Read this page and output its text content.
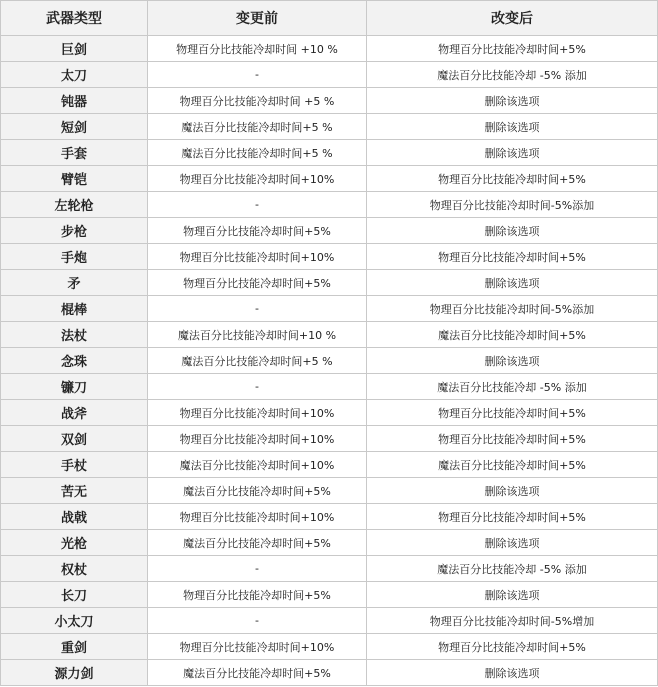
武器类型	变更前	改变后
巨剑	物理百分比技能冷却时间 +10 %	物理百分比技能冷却时间+5%
太刀	-	魔法百分比技能冷却 -5% 添加
钝器	物理百分比技能冷却时间 +5 %	删除该选项
短剑	魔法百分比技能冷却时间+5 %	删除该选项
手套	魔法百分比技能冷却时间+5 %	删除该选项
臂铠	物理百分比技能冷却时间+10%	物理百分比技能冷却时间+5%
左轮枪	-	物理百分比技能冷却时间-5%添加
步枪	物理百分比技能冷却时间+5%	删除该选项
手炮	物理百分比技能冷却时间+10%	物理百分比技能冷却时间+5%
矛	物理百分比技能冷却时间+5%	删除该选项
棍棒	-	物理百分比技能冷却时间-5%添加
法杖	魔法百分比技能冷却时间+10 %	魔法百分比技能冷却时间+5%
念珠	魔法百分比技能冷却时间+5 %	删除该选项
镰刀	-	魔法百分比技能冷却 -5% 添加
战斧	物理百分比技能冷却时间+10%	物理百分比技能冷却时间+5%
双剑	物理百分比技能冷却时间+10%	物理百分比技能冷却时间+5%
手杖	魔法百分比技能冷却时间+10%	魔法百分比技能冷却时间+5%
苦无	魔法百分比技能冷却时间+5%	删除该选项
战戟	物理百分比技能冷却时间+10%	物理百分比技能冷却时间+5%
光枪	魔法百分比技能冷却时间+5%	删除该选项
权杖	-	魔法百分比技能冷却 -5% 添加
长刀	物理百分比技能冷却时间+5%	删除该选项
小太刀	-	物理百分比技能冷却时间-5%增加
重剑	物理百分比技能冷却时间+10%	物理百分比技能冷却时间+5%
源力剑	魔法百分比技能冷却时间+5%	删除该选项
